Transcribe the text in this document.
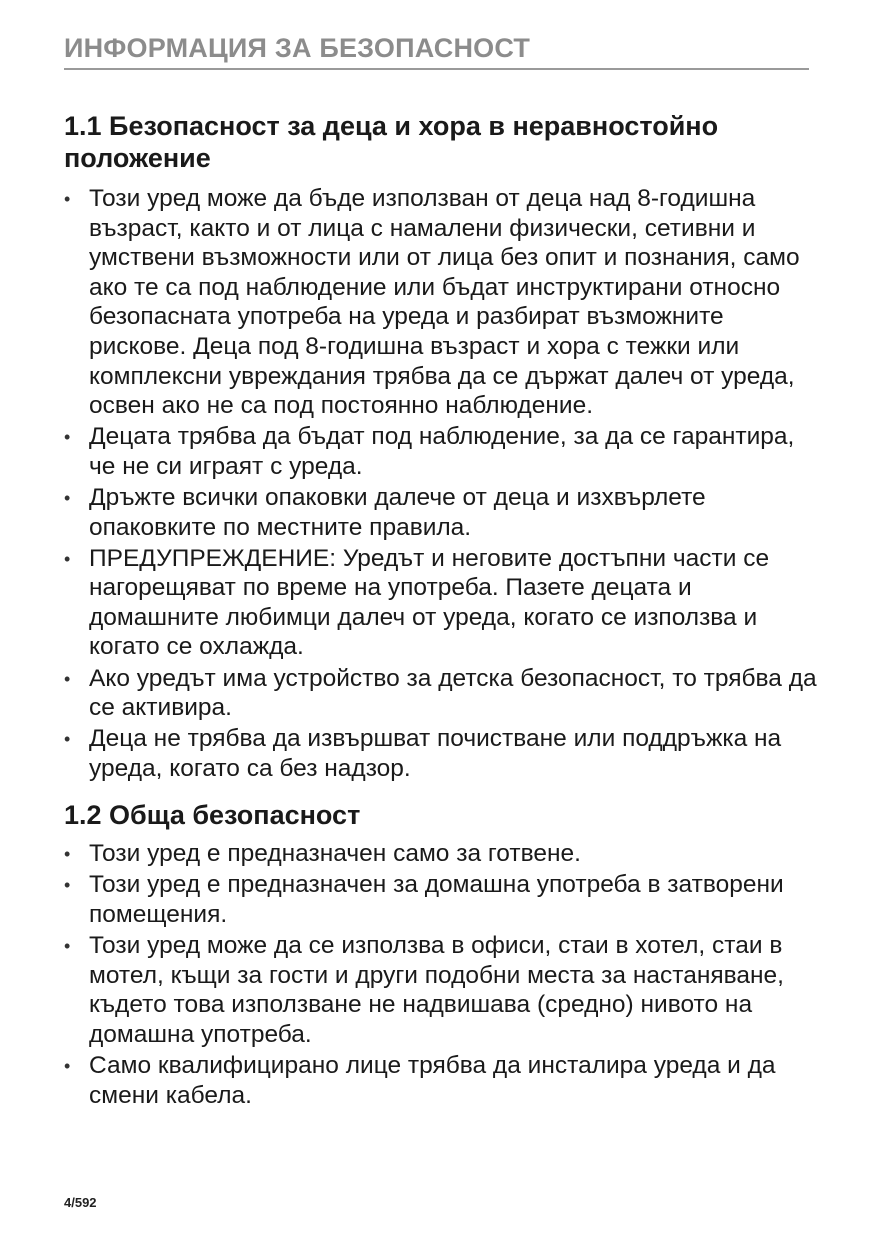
ИНФОРМАЦИЯ ЗА БЕЗОПАСНОСТ
1.1 Безопасност за деца и хора в неравностойно положение
• Този уред може да бъде използван от деца над 8-годишна възраст, както и от лица с намалени физически, сетивни и умствени възможности или от лица без опит и познания, само ако те са под наблюдение или бъдат инструктирани относно безопасната употреба на уреда и разбират възможните рискове. Деца под 8-годишна възраст и хора с тежки или комплексни увреждания трябва да се държат далеч от уреда, освен ако не са под постоянно наблюдение.
• Децата трябва да бъдат под наблюдение, за да се гарантира, че не си играят с уреда.
• Дръжте всички опаковки далече от деца и изхвърлете опаковките по местните правила.
• ПРЕДУПРЕЖДЕНИЕ: Уредът и неговите достъпни части се нагорещяват по време на употреба. Пазете децата и домашните любимци далеч от уреда, когато се използва и когато се охлажда.
• Ако уредът има устройство за детска безопасност, то трябва да се активира.
• Деца не трябва да извършват почистване или поддръжка на уреда, когато са без надзор.
1.2 Обща безопасност
• Този уред е предназначен само за готвене.
• Този уред е предназначен за домашна употреба в затворени помещения.
• Този уред може да се използва в офиси, стаи в хотел, стаи в мотел, къщи за гости и други подобни места за настаняване, където това използване не надвишава (средно) нивото на домашна употреба.
• Само квалифицирано лице трябва да инсталира уреда и да смени кабела.
4/592
